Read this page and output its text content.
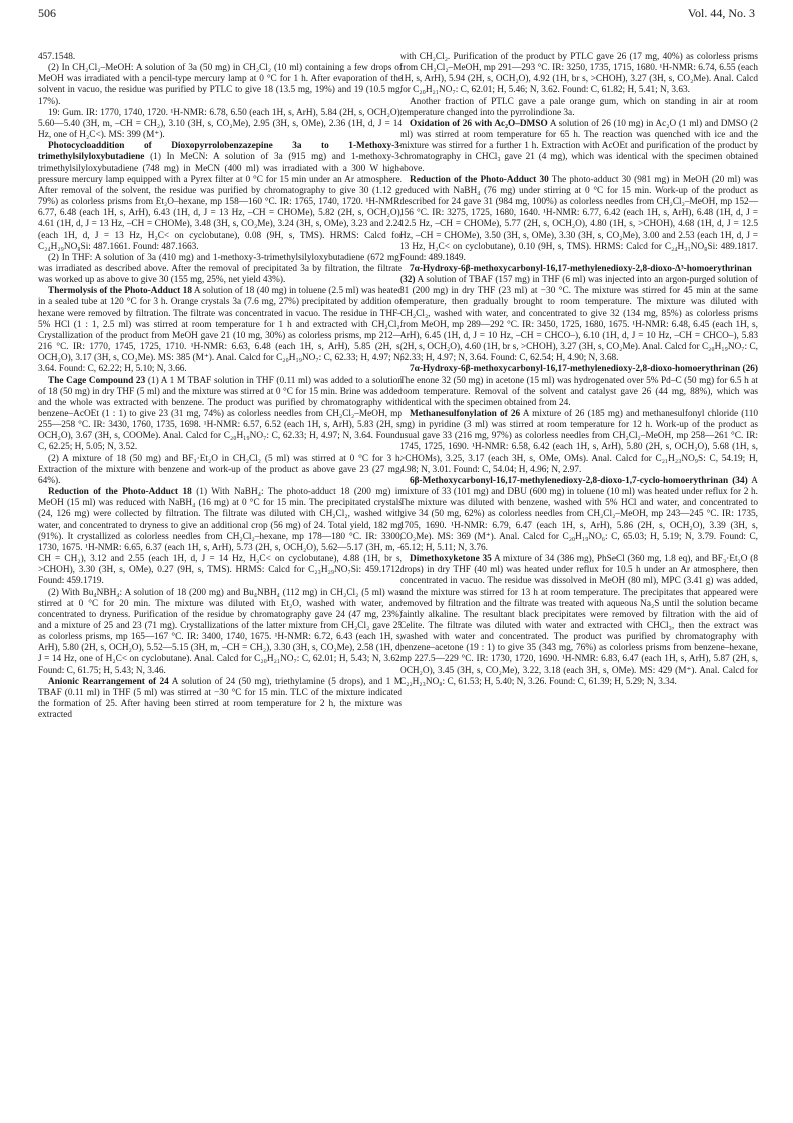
506	Vol. 44, No. 3

457.1548.

(2) In CH₂Cl₂–MeOH: A solution of 3a (50 mg) in CH₂Cl₂ (10 ml) containing a few drops of MeOH was irradiated with a pencil-type mercury lamp at 0 °C for 1 h. After evaporation of the solvent in vacuo, the residue was purified by PTLC to give 18 (13.5 mg, 19%) and 19 (10.5 mg, 17%).

19: Gum. IR: 1770, 1740, 1720. ¹H-NMR: 6.78, 6.50 (each 1H, s, ArH), 5.84 (2H, s, OCH₂O), 5.60—5.40 (3H, m, –CH = CH₂), 3.10 (3H, s, CO₂Me), 2.95 (3H, s, OMe), 2.36 (1H, d, J = 14 Hz, one of H₂C<). MS: 399 (M⁺).

Photocycloaddition of Dioxopyrrolobenzazepine 3a to 1-Methoxy-3-trimethylsilyloxybutadiene (1) In MeCN: A solution of 3a (915 mg) and 1-methoxy-3-trimethylsilyloxybutadiene (748 mg) in MeCN (400 ml) was irradiated with a 300 W high-pressure mercury lamp equipped with a Pyrex filter at 0 °C for 15 min under an Ar atmosphere. After removal of the solvent, the residue was purified by chromatography to give 30 (1.12 g, 79%) as colorless prisms from Et₂O–hexane, mp 158—160 °C. IR: 1765, 1740, 1720. ¹H-NMR: 6.77, 6.48 (each 1H, s, ArH), 6.43 (1H, d, J = 13 Hz, –CH = CHOMe), 5.82 (2H, s, OCH₂O), 4.61 (1H, d, J = 13 Hz, –CH = CHOMe), 3.48 (3H, s, CO₂Me), 3.24 (3H, s, OMe), 3.23 and 2.24 (each 1H, d, J = 13 Hz, H₂C< on cyclobutane), 0.08 (9H, s, TMS). HRMS: Calcd for C₂₄H₂₉NO₈Si: 487.1661. Found: 487.1663.

(2) In THF: A solution of 3a (410 mg) and 1-methoxy-3-trimethylsilyloxybutadiene (672 mg) was irradiated as described above. After the removal of precipitated 3a by filtration, the filtrate was worked up as above to give 30 (155 mg, 25%, net yield 43%).

Thermolysis of the Photo-Adduct 18 A solution of 18 (40 mg) in toluene (2.5 ml) was heated in a sealed tube at 120 °C for 3 h. Orange crystals 3a (7.6 mg, 27%) precipitated by addition of hexane were removed by filtration. The filtrate was concentrated in vacuo. The residue in THF–5% HCl (1 : 1, 2.5 ml) was stirred at room temperature for 1 h and extracted with CH₂Cl₂. Crystallization of the product from MeOH gave 21 (10 mg, 30%) as colorless prisms, mp 212—216 °C. IR: 1770, 1745, 1725, 1710. ¹H-NMR: 6.63, 6.48 (each 1H, s, ArH), 5.85 (2H, s, OCH₂O), 3.17 (3H, s, CO₂Me). MS: 385 (M⁺). Anal. Calcd for C₂₀H₁₉NO₇: C, 62.33; H, 4.97; N, 3.64. Found: C, 62.22; H, 5.10; N, 3.66.

The Cage Compound 23 (1) A 1 M TBAF solution in THF (0.11 ml) was added to a solution of 18 (50 mg) in dry THF (5 ml) and the mixture was stirred at 0 °C for 15 min. Brine was added and the whole was extracted with benzene. The product was purified by chromatography with benzene–AcOEt (1 : 1) to give 23 (31 mg, 74%) as colorless needles from CH₂Cl₂–MeOH, mp 255—258 °C. IR: 3430, 1760, 1735, 1698. ¹H-NMR: 6.57, 6.52 (each 1H, s, ArH), 5.83 (2H, s, OCH₂O), 3.67 (3H, s, COOMe). Anal. Calcd for C₂₀H₁₉NO₇: C, 62.33; H, 4.97; N, 3.64. Found: C, 62.25; H, 5.05; N, 3.52.

(2) A mixture of 18 (50 mg) and BF₃·Et₂O in CH₂Cl₂ (5 ml) was stirred at 0 °C for 3 h. Extraction of the mixture with benzene and work-up of the product as above gave 23 (27 mg, 64%).

Reduction of the Photo-Adduct 18 (1) With NaBH₄: The photo-adduct 18 (200 mg) in MeOH (15 ml) was reduced with NaBH₄ (16 mg) at 0 °C for 15 min. The precipitated crystals (24, 126 mg) were collected by filtration. The filtrate was diluted with CH₂Cl₂, washed with water, and concentrated to dryness to give an additional crop (56 mg) of 24. Total yield, 182 mg (91%). It crystallized as colorless needles from CH₂Cl₂–hexane, mp 178—180 °C. IR: 3300, 1730, 1675. ¹H-NMR: 6.65, 6.37 (each 1H, s, ArH), 5.73 (2H, s, OCH₂O), 5.62—5.17 (3H, m, –CH = CH₂), 3.12 and 2.55 (each 1H, d, J = 14 Hz, H₂C< on cyclobutane), 4.88 (1H, br s, >CHOH), 3.30 (3H, s, OMe), 0.27 (9H, s, TMS). HRMS: Calcd for C₂₃H₂₉NO₇Si: 459.1712. Found: 459.1719.

(2) With Bu₄NBH₄: A solution of 18 (200 mg) and Bu₄NBH₄ (112 mg) in CH₂Cl₂ (5 ml) was stirred at 0 °C for 20 min. The mixture was diluted with Et₂O, washed with water, and concentrated to dryness. Purification of the residue by chromatography gave 24 (47 mg, 23%) and a mixture of 25 and 23 (71 mg). Crystallizations of the latter mixture from CH₂Cl₂ gave 25 as colorless prisms, mp 165—167 °C. IR: 3400, 1740, 1675. ¹H-NMR: 6.72, 6.43 (each 1H, s, ArH), 5.80 (2H, s, OCH₂O), 5.52—5.15 (3H, m, –CH = CH₂), 3.30 (3H, s, CO₂Me), 2.58 (1H, d, J = 14 Hz, one of H₂C< on cyclobutane). Anal. Calcd for C₂₀H₂₁NO₇: C, 62.01; H, 5.43; N, 3.62. Found: C, 61.75; H, 5.43; N, 3.46.

Anionic Rearrangement of 24 A solution of 24 (50 mg), triethylamine (5 drops), and 1 M TBAF (0.11 ml) in THF (5 ml) was stirred at −30 °C for 15 min. TLC of the mixture indicated the formation of 25. After having been stirred at room temperature for 2 h, the mixture was extracted

with CH₂Cl₂. Purification of the product by PTLC gave 26 (17 mg, 40%) as colorless prisms from CH₂Cl₂–MeOH, mp 291—293 °C. IR: 3250, 1735, 1715, 1680. ¹H-NMR: 6.74, 6.55 (each 1H, s, ArH), 5.94 (2H, s, OCH₂O), 4.92 (1H, br s, >CHOH), 3.27 (3H, s, CO₂Me). Anal. Calcd for C₂₀H₂₁NO₇: C, 62.01; H, 5.46; N, 3.62. Found: C, 61.82; H, 5.41; N, 3.63.

Another fraction of PTLC gave a pale orange gum, which on standing in air at room temperature changed into the pyrrolindione 3a.

Oxidation of 26 with Ac₂O–DMSO A solution of 26 (10 mg) in Ac₂O (1 ml) and DMSO (2 ml) was stirred at room temperature for 65 h. The reaction was quenched with ice and the mixture was stirred for a further 1 h. Extraction with AcOEt and purification of the product by chromatography in CHCl₃ gave 21 (4 mg), which was identical with the specimen obtained above.

Reduction of the Photo-Adduct 30 The photo-adduct 30 (981 mg) in MeOH (20 ml) was reduced with NaBH₄ (76 mg) under stirring at 0 °C for 15 min. Work-up of the product as described for 24 gave 31 (984 mg, 100%) as colorless needles from CH₂Cl₂–MeOH, mp 152—156 °C. IR: 3275, 1725, 1680, 1640. ¹H-NMR: 6.77, 6.42 (each 1H, s, ArH), 6.48 (1H, d, J = 12.5 Hz, –CH = CHOMe), 5.77 (2H, s, OCH₂O), 4.80 (1H, s, >CHOH), 4.68 (1H, d, J = 12.5 Hz, –CH = CHOMe), 3.50 (3H, s, OMe), 3.30 (3H, s, CO₂Me), 3.00 and 2.53 (each 1H, d, J = 13 Hz, H₂C< on cyclobutane), 0.10 (9H, s, TMS). HRMS: Calcd for C₂₄H₃₁NO₈Si: 489.1817. Found: 489.1849.

7α-Hydroxy-6β-methoxycarbonyl-16,17-methylenedioxy-2,8-dioxo-Δ³-homoerythrinan (32) A solution of TBAF (157 mg) in THF (6 ml) was injected into an argon-purged solution of 31 (200 mg) in dry THF (23 ml) at −30 °C. The mixture was stirred for 45 min at the same temperature, then gradually brought to room temperature. The mixture was diluted with CH₂Cl₂, washed with water, and concentrated to give 32 (134 mg, 85%) as colorless prisms from MeOH, mp 289—292 °C. IR: 3450, 1725, 1680, 1675. ¹H-NMR: 6.48, 6.45 (each 1H, s, ArH), 6.45 (1H, d, J = 10 Hz, –CH = CHCO–), 6.10 (1H, d, J = 10 Hz, –CH = CHCO–), 5.83 (2H, s, OCH₂O), 4.60 (1H, br s, >CHOH), 3.27 (3H, s, CO₂Me). Anal. Calcd for C₂₀H₁₉NO₇: C, 62.33; H, 4.97; N, 3.64. Found: C, 62.54; H, 4.90; N, 3.68.

7α-Hydroxy-6β-methoxycarbonyl-16,17-methylenedioxy-2,8-dioxo-homoerythrinan (26) The enone 32 (50 mg) in acetone (15 ml) was hydrogenated over 5% Pd–C (50 mg) for 6.5 h at room temperature. Removal of the solvent and catalyst gave 26 (44 mg, 88%), which was identical with the specimen obtained from 24.

Methanesulfonylation of 26 A mixture of 26 (185 mg) and methanesulfonyl chloride (110 mg) in pyridine (3 ml) was stirred at room temperature for 12 h. Work-up of the product as usual gave 33 (216 mg, 97%) as colorless needles from CH₂Cl₂–MeOH, mp 258—261 °C. IR: 1745, 1725, 1690. ¹H-NMR: 6.58, 6.42 (each 1H, s, ArH), 5.80 (2H, s, OCH₂O), 5.68 (1H, s, >CHOMs), 3.25, 3.17 (each 3H, s, OMe, OMs). Anal. Calcd for C₂₁H₂₃NO₉S: C, 54.19; H, 4.98; N, 3.01. Found: C, 54.04; H, 4.96; N, 2.97.

6β-Methoxycarbonyl-16,17-methylenedioxy-2,8-dioxo-1,7-cyclo-homoerythrinan (34) A mixture of 33 (101 mg) and DBU (600 mg) in toluene (10 ml) was heated under reflux for 2 h. The mixture was diluted with benzene, washed with 5% HCl and water, and concentrated to give 34 (50 mg, 62%) as colorless needles from CH₂Cl₂–MeOH, mp 243—245 °C. IR: 1735, 1705, 1690. ¹H-NMR: 6.79, 6.47 (each 1H, s, ArH), 5.86 (2H, s, OCH₂O), 3.39 (3H, s, CO₂Me). MS: 369 (M⁺). Anal. Calcd for C₂₀H₁₉NO₆: C, 65.03; H, 5.19; N, 3.79. Found: C, 65.12; H, 5.11; N, 3.76.

Dimethoxyketone 35 A mixture of 34 (386 mg), PhSeCl (360 mg, 1.8 eq), and BF₃·Et₂O (8 drops) in dry THF (40 ml) was heated under reflux for 10.5 h under an Ar atmosphere, then concentrated in vacuo. The residue was dissolved in MeOH (80 ml), MPC (3.41 g) was added, and the mixture was stirred for 13 h at room temperature. The precipitates that appeared were removed by filtration and the filtrate was treated with aqueous Na₂S until the solution became faintly alkaline. The resultant black precipitates were removed by filtration with the aid of Celite. The filtrate was diluted with water and extracted with CHCl₃, then the extract was washed with water and concentrated. The product was purified by chromatography with benzene–acetone (19 : 1) to give 35 (343 mg, 76%) as colorless prisms from benzene–hexane, mp 227.5—229 °C. IR: 1730, 1720, 1690. ¹H-NMR: 6.83, 6.47 (each 1H, s, ArH), 5.87 (2H, s, OCH₂O), 3.45 (3H, s, CO₂Me), 3.22, 3.18 (each 3H, s, OMe). MS: 429 (M⁺). Anal. Calcd for C₂₂H₂₃NO₈: C, 61.53; H, 5.40; N, 3.26. Found: C, 61.39; H, 5.29; N, 3.34.
